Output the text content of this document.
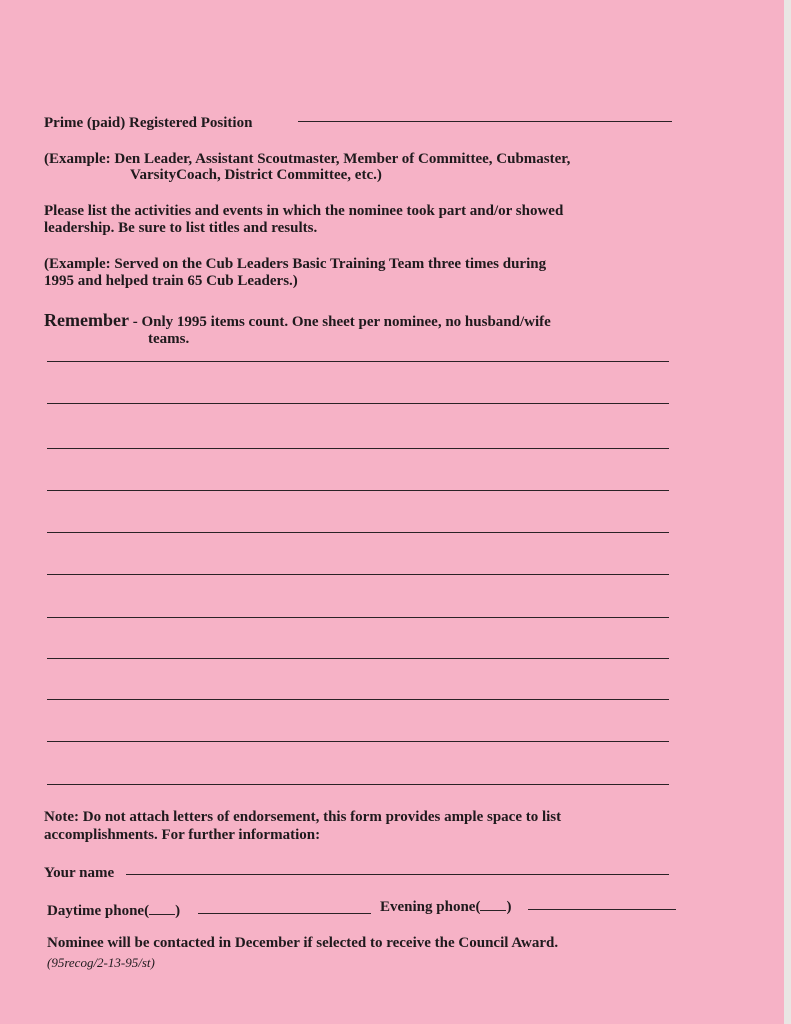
Prime (paid) Registered Position
(Example: Den Leader, Assistant Scoutmaster, Member of Committee, Cubmaster,
VarsityCoach, District Committee, etc.)
Please list the activities and events in which the nominee took part and/or showed
leadership. Be sure to list titles and results.
(Example: Served on the Cub Leaders Basic Training Team three times during
1995 and helped train 65 Cub Leaders.)
Remember - Only 1995 items count. One sheet per nominee, no husband/wife
teams.
Note: Do not attach letters of endorsement, this form provides ample space to list
accomplishments. For further information:
Your name
Daytime phone( )	Evening phone( )
Nominee will be contacted in December if selected to receive the Council Award.
(95recog/2-13-95/st)
